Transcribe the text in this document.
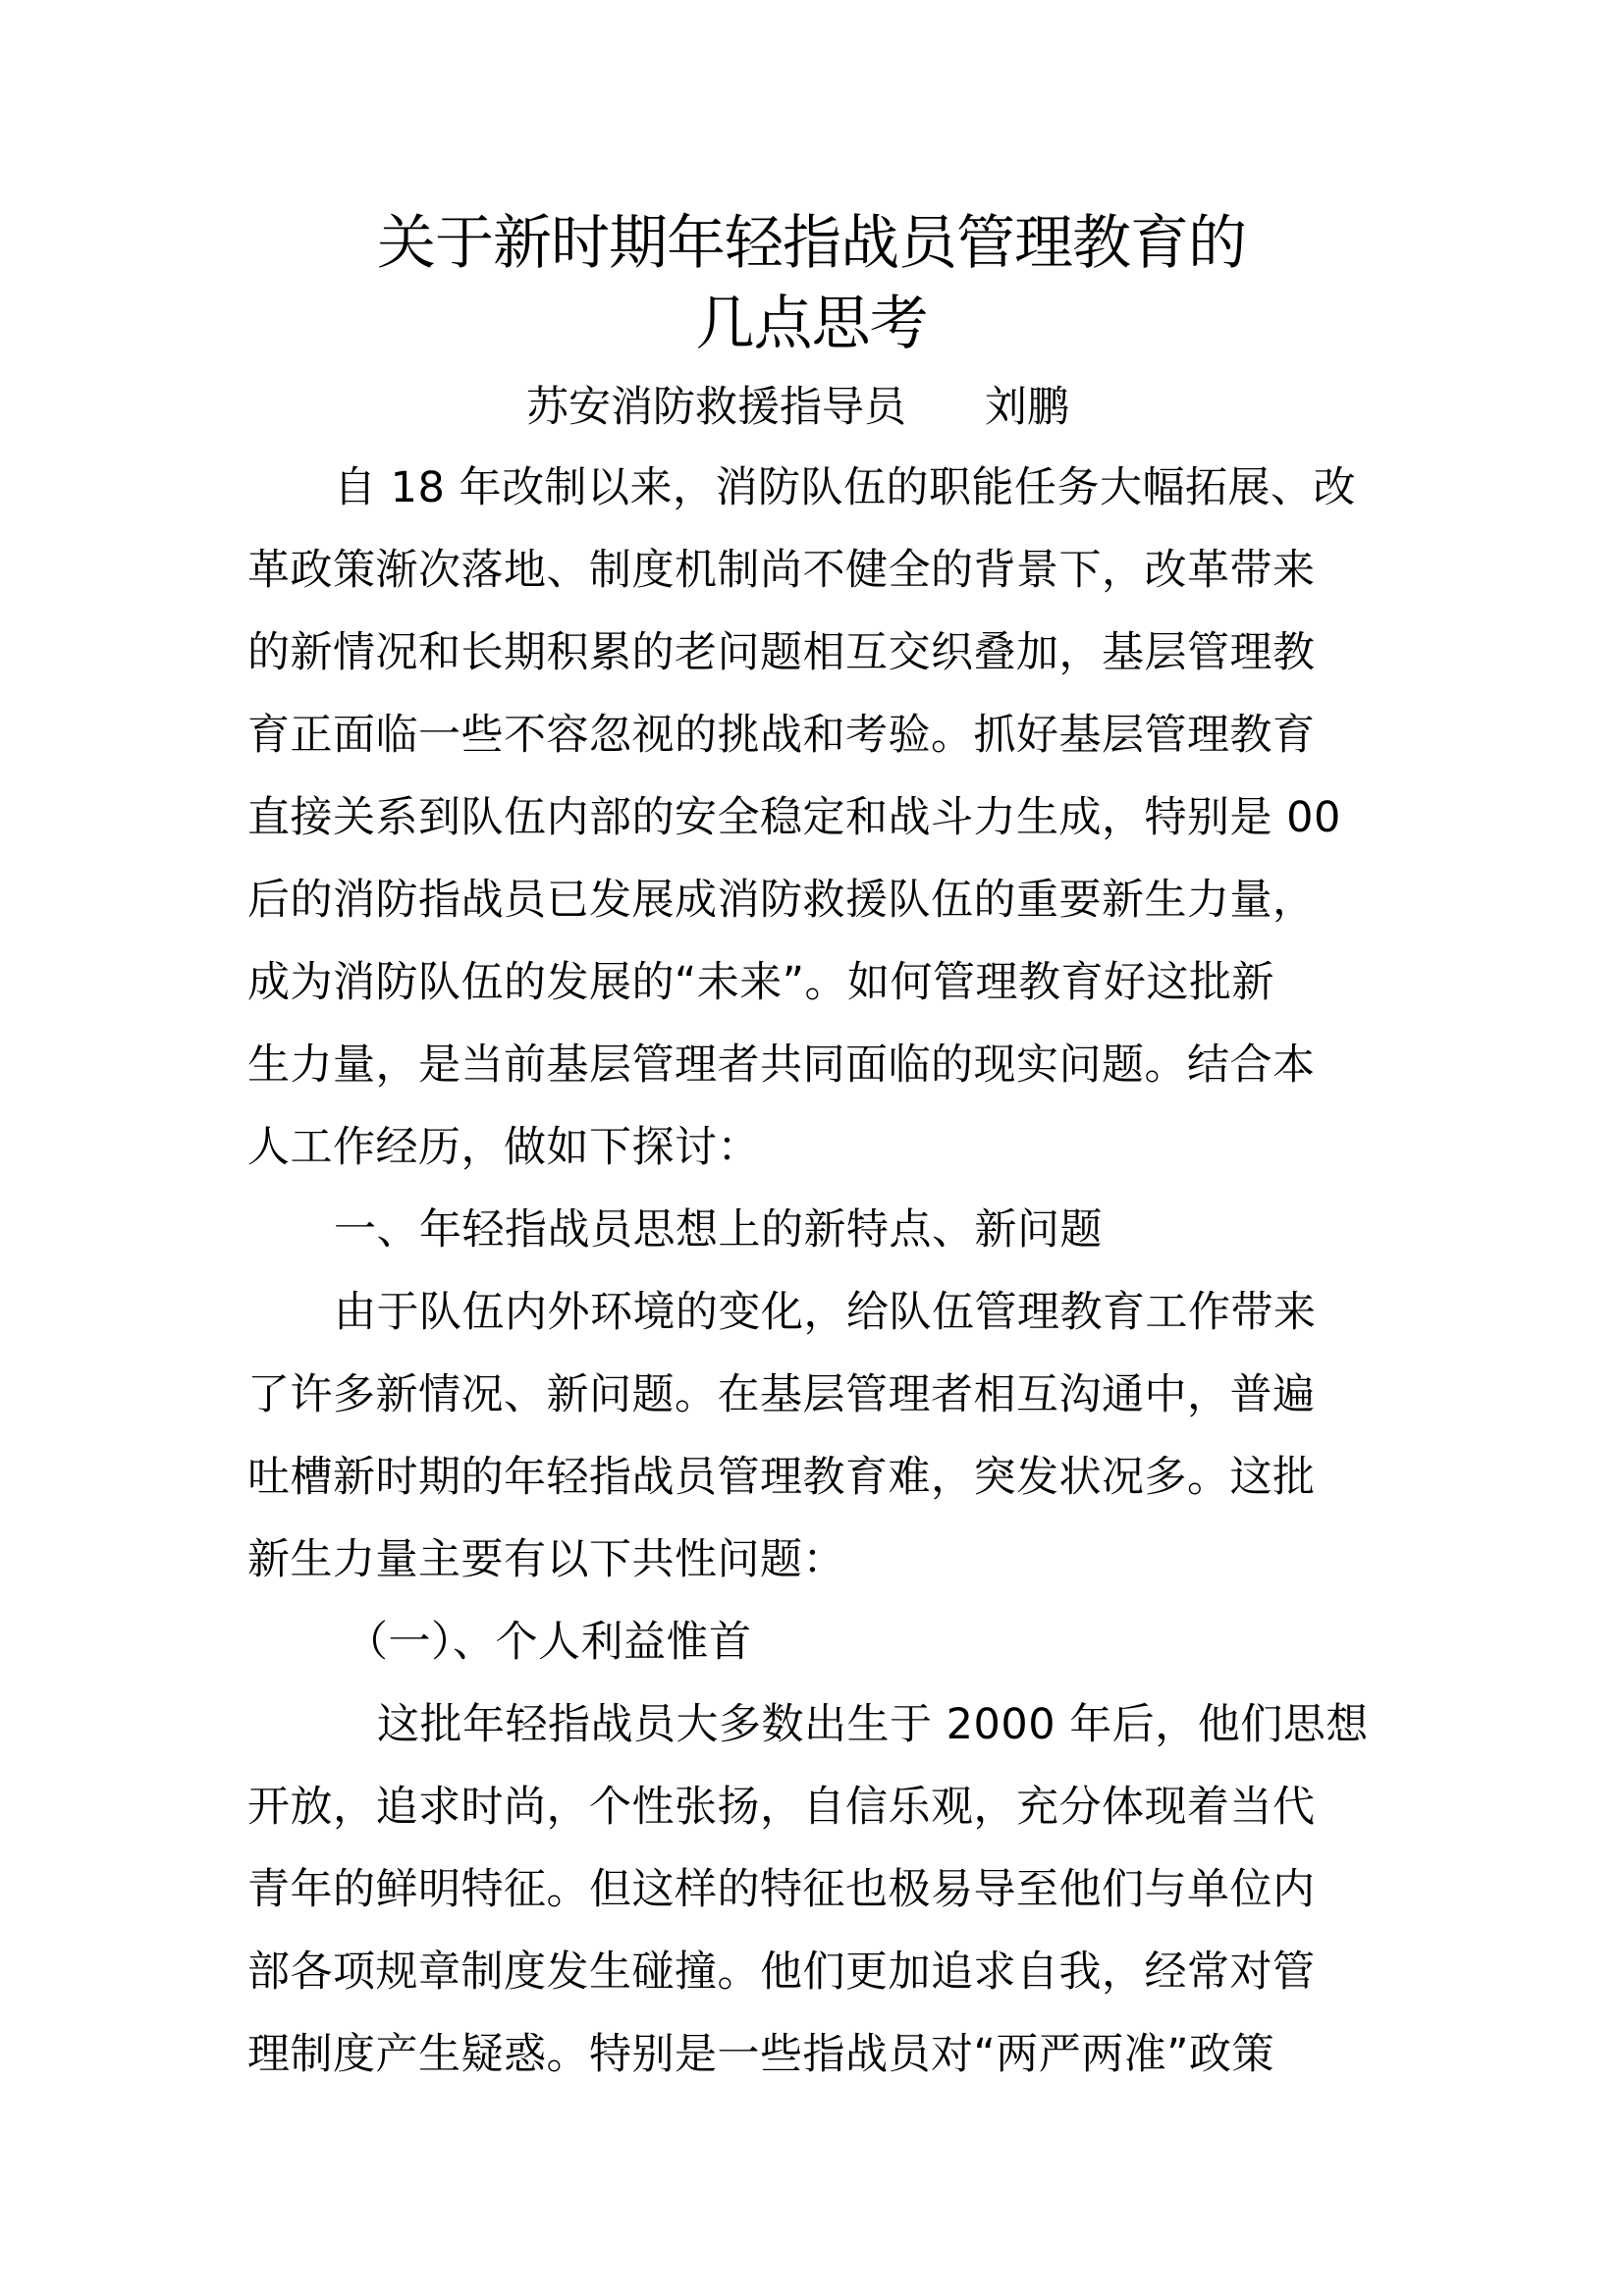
关于新时期年轻指战员管理教育的
几点思考
苏安消防救援指导员 刘鹏
自 18 年改制以来，消防队伍的职能任务大幅拓展、改
革政策渐次落地、制度机制尚不健全的背景下，改革带来
的新情况和长期积累的老问题相互交织叠加，基层管理教
育正面临一些不容忽视的挑战和考验。抓好基层管理教育
直接关系到队伍内部的安全稳定和战斗力生成，特别是 00
后的消防指战员已发展成消防救援队伍的重要新生力量，
成为消防队伍的发展的“未来”。如何管理教育好这批新
生力量，是当前基层管理者共同面临的现实问题。结合本
人工作经历，做如下探讨：
一、年轻指战员思想上的新特点、新问题
由于队伍内外环境的变化，给队伍管理教育工作带来
了许多新情况、新问题。在基层管理者相互沟通中，普遍
吐槽新时期的年轻指战员管理教育难，突发状况多。这批
新生力量主要有以下共性问题：
（一）、个人利益惟首
这批年轻指战员大多数出生于 2000 年后，他们思想
开放，追求时尚，个性张扬，自信乐观，充分体现着当代
青年的鲜明特征。但这样的特征也极易导至他们与单位内
部各项规章制度发生碰撞。他们更加追求自我，经常对管
理制度产生疑惑。特别是一些指战员对“两严两准”政策
